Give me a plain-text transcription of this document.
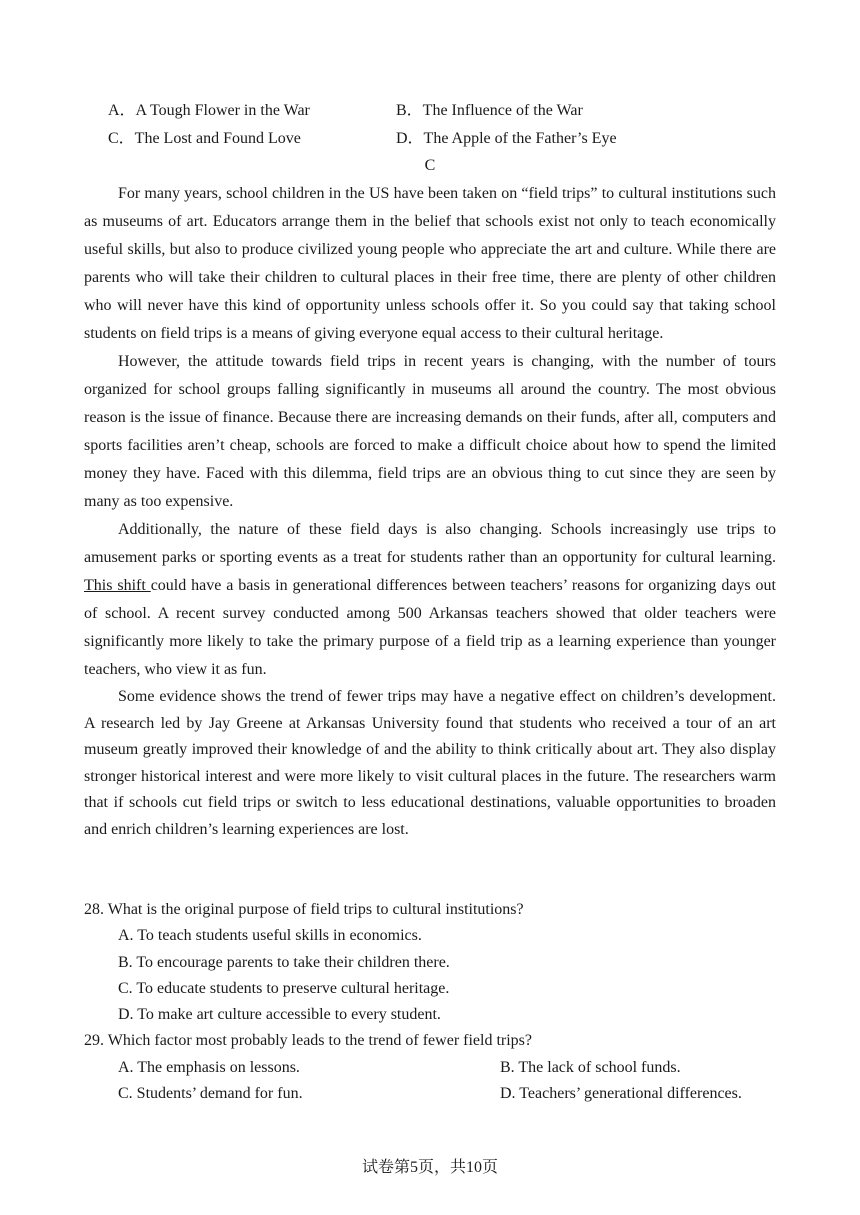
A．A Tough Flower in the War	B．The Influence of the War
C．The Lost and Found Love	D．The Apple of the Father’s Eye
C

For many years, school children in the US have been taken on “field trips” to cultural institutions such as museums of art. Educators arrange them in the belief that schools exist not only to teach economically useful skills, but also to produce civilized young people who appreciate the art and culture. While there are parents who will take their children to cultural places in their free time, there are plenty of other children who will never have this kind of opportunity unless schools offer it. So you could say that taking school students on field trips is a means of giving everyone equal access to their cultural heritage.

However, the attitude towards field trips in recent years is changing, with the number of tours organized for school groups falling significantly in museums all around the country. The most obvious reason is the issue of finance. Because there are increasing demands on their funds, after all, computers and sports facilities aren’t cheap, schools are forced to make a difficult choice about how to spend the limited money they have. Faced with this dilemma, field trips are an obvious thing to cut since they are seen by many as too expensive.

Additionally, the nature of these field days is also changing. Schools increasingly use trips to amusement parks or sporting events as a treat for students rather than an opportunity for cultural learning. This shift could have a basis in generational differences between teachers’ reasons for organizing days out of school. A recent survey conducted among 500 Arkansas teachers showed that older teachers were significantly more likely to take the primary purpose of a field trip as a learning experience than younger teachers, who view it as fun.

Some evidence shows the trend of fewer trips may have a negative effect on children’s development. A research led by Jay Greene at Arkansas University found that students who received a tour of an art museum greatly improved their knowledge of and the ability to think critically about art. They also display stronger historical interest and were more likely to visit cultural places in the future. The researchers warm that if schools cut field trips or switch to less educational destinations, valuable opportunities to broaden and enrich children’s learning experiences are lost.

28. What is the original purpose of field trips to cultural institutions?
A. To teach students useful skills in economics.
B. To encourage parents to take their children there.
C. To educate students to preserve cultural heritage.
D. To make art culture accessible to every student.
29. Which factor most probably leads to the trend of fewer field trips?
A. The emphasis on lessons.	B. The lack of school funds.
C. Students’ demand for fun.	D. Teachers’ generational differences.
试卷第5页，共10页
